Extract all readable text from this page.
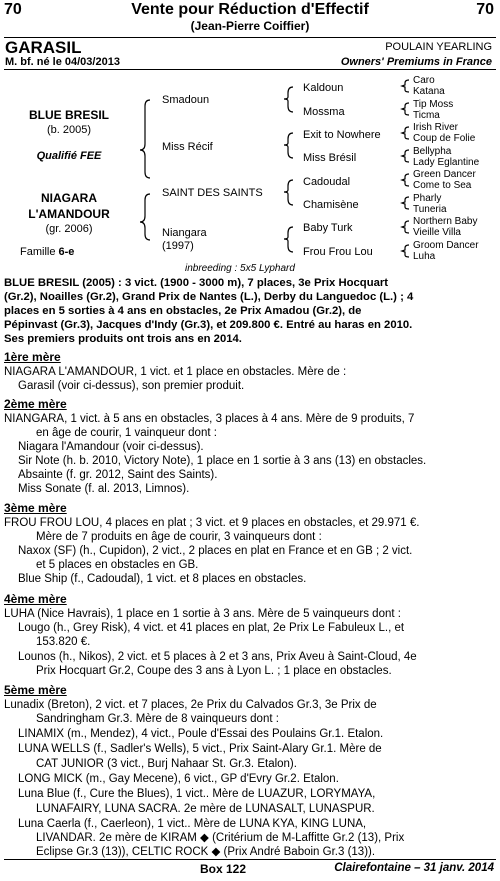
70	Vente pour Réduction d'Effectif	70
(Jean-Pierre Coiffier)
GARASIL	POULAIN YEARLING
M. bf. né le 04/03/2013	Owners' Premiums in France
BLUE BRESIL
(b. 2005)
Qualifié FEE
NIAGARA
L'AMANDOUR
(gr. 2006)
Famille 6-e
Smadoun
Miss Récif
SAINT DES SAINTS
Niangara
(1997)
Kaldoun
Mossma
Exit to Nowhere
Miss Brésil
Cadoudal
Chamisène
Baby Turk
Frou Frou Lou
Caro
Katana
Tip Moss
Ticma
Irish River
Coup de Folie
Bellypha
Lady Eglantine
Green Dancer
Come to Sea
Pharly
Tuneria
Northern Baby
Vieille Villa
Groom Dancer
Luha
inbreeding : 5x5 Lyphard
BLUE BRESIL (2005) : 3 vict. (1900 - 3000 m), 7 places, 3e Prix Hocquart
(Gr.2), Noailles (Gr.2), Grand Prix de Nantes (L.), Derby du Languedoc (L.) ; 4
places en 5 sorties à 4 ans en obstacles, 2e Prix Amadou (Gr.2), de
Pépinvast (Gr.3), Jacques d'Indy (Gr.3), et 209.800 €. Entré au haras en 2010.
Ses premiers produits ont trois ans en 2014.
1ère mère
NIAGARA L'AMANDOUR, 1 vict. et 1 place en obstacles. Mère de :
Garasil (voir ci-dessus), son premier produit.
2ème mère
NIANGARA, 1 vict. à 5 ans en obstacles, 3 places à 4 ans. Mère de 9 produits, 7
en âge de courir, 1 vainqueur dont :
Niagara l'Amandour (voir ci-dessus).
Sir Note (h. b. 2010, Victory Note), 1 place en 1 sortie à 3 ans (13) en obstacles.
Absainte (f. gr. 2012, Saint des Saints).
Miss Sonate (f. al. 2013, Limnos).
3ème mère
FROU FROU LOU, 4 places en plat ; 3 vict. et 9 places en obstacles, et 29.971 €.
Mère de 7 produits en âge de courir, 3 vainqueurs dont :
Naxox (SF) (h., Cupidon), 2 vict., 2 places en plat en France et en GB ; 2 vict.
et 5 places en obstacles en GB.
Blue Ship (f., Cadoudal), 1 vict. et 8 places en obstacles.
4ème mère
LUHA (Nice Havrais), 1 place en 1 sortie à 3 ans. Mère de 5 vainqueurs dont :
Lougo (h., Grey Risk), 4 vict. et 41 places en plat, 2e Prix Le Fabuleux L., et
153.820 €.
Lounos (h., Nikos), 2 vict. et 5 places à 2 et 3 ans, Prix Aveu à Saint-Cloud, 4e
Prix Hocquart Gr.2, Coupe des 3 ans à Lyon L. ; 1 place en obstacles.
5ème mère
Lunadix (Breton), 2 vict. et 7 places, 2e Prix du Calvados Gr.3, 3e Prix de
Sandringham Gr.3. Mère de 8 vainqueurs dont :
LINAMIX (m., Mendez), 4 vict., Poule d'Essai des Poulains Gr.1. Etalon.
LUNA WELLS (f., Sadler's Wells), 5 vict., Prix Saint-Alary Gr.1. Mère de
CAT JUNIOR (3 vict., Burj Nahaar St. Gr.3. Etalon).
LONG MICK (m., Gay Mecene), 6 vict., GP d'Evry Gr.2. Etalon.
Luna Blue (f., Cure the Blues), 1 vict.. Mère de LUAZUR, LORYMAYA,
LUNAFAIRY, LUNA SACRA. 2e mère de LUNASALT, LUNASPUR.
Luna Caerla (f., Caerleon), 1 vict.. Mère de LUNA KYA, KING LUNA,
LIVANDAR. 2e mère de KIRAM ◆ (Critérium de M-Laffitte Gr.2 (13), Prix
Eclipse Gr.3 (13)), CELTIC ROCK ◆ (Prix André Baboin Gr.3 (13)).
Box 122	Clairefontaine – 31 janv. 2014
